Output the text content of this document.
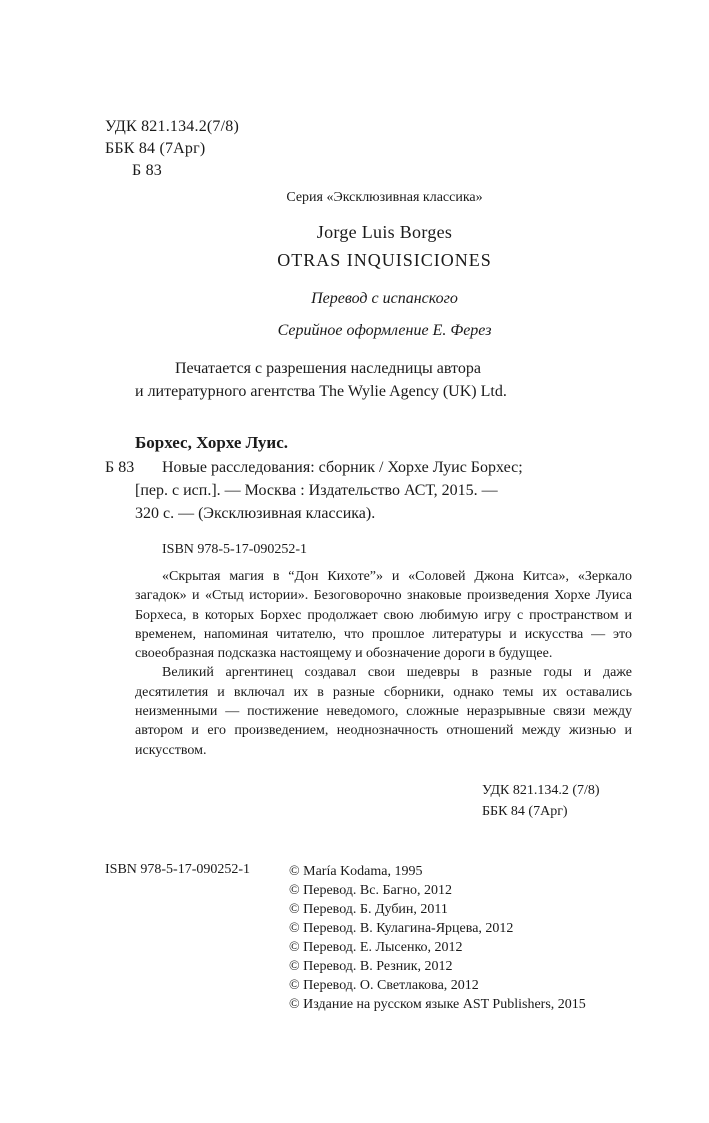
УДК 821.134.2(7/8)
ББК 84 (7Арг)
Б 83
Серия «Эксклюзивная классика»
Jorge Luis Borges
OTRAS INQUISICIONES
Перевод с испанского
Серийное оформление Е. Ферез
Печатается с разрешения наследницы автора
и литературного агентства The Wylie Agency (UK) Ltd.
Борхес, Хорхе Луис.
Б 83 Новые расследования: сборник / Хорхе Луис Борхес;
[пер. с исп.]. — Москва : Издательство АСТ, 2015. —
320 с. — (Эксклюзивная классика).
ISBN 978-5-17-090252-1

«Скрытая магия в “Дон Кихоте”» и «Соловей Джона Китса», «Зеркало загадок» и «Стыд истории». Безоговорочно знаковые произведения Хорхе Луиса Борхеса, в которых Борхес продолжает свою любимую игру с пространством и временем, напоминая читателю, что прошлое литературы и искусства — это своеобразная подсказка настоящему и обозначение дороги в будущее.

Великий аргентинец создавал свои шедевры в разные годы и даже десятилетия и включал их в разные сборники, однако темы их оставались неизменными — постижение неведомого, сложные неразрывные связи между автором и его произведением, неоднозначность отношений между жизнью и искусством.

УДК 821.134.2 (7/8)
ББК 84 (7Арг)
ISBN 978-5-17-090252-1	© María Kodama, 1995
© Перевод. Вс. Багно, 2012
© Перевод. Б. Дубин, 2011
© Перевод. В. Кулагина-Ярцева, 2012
© Перевод. Е. Лысенко, 2012
© Перевод. В. Резник, 2012
© Перевод. О. Светлакова, 2012
© Издание на русском языке AST Publishers, 2015
